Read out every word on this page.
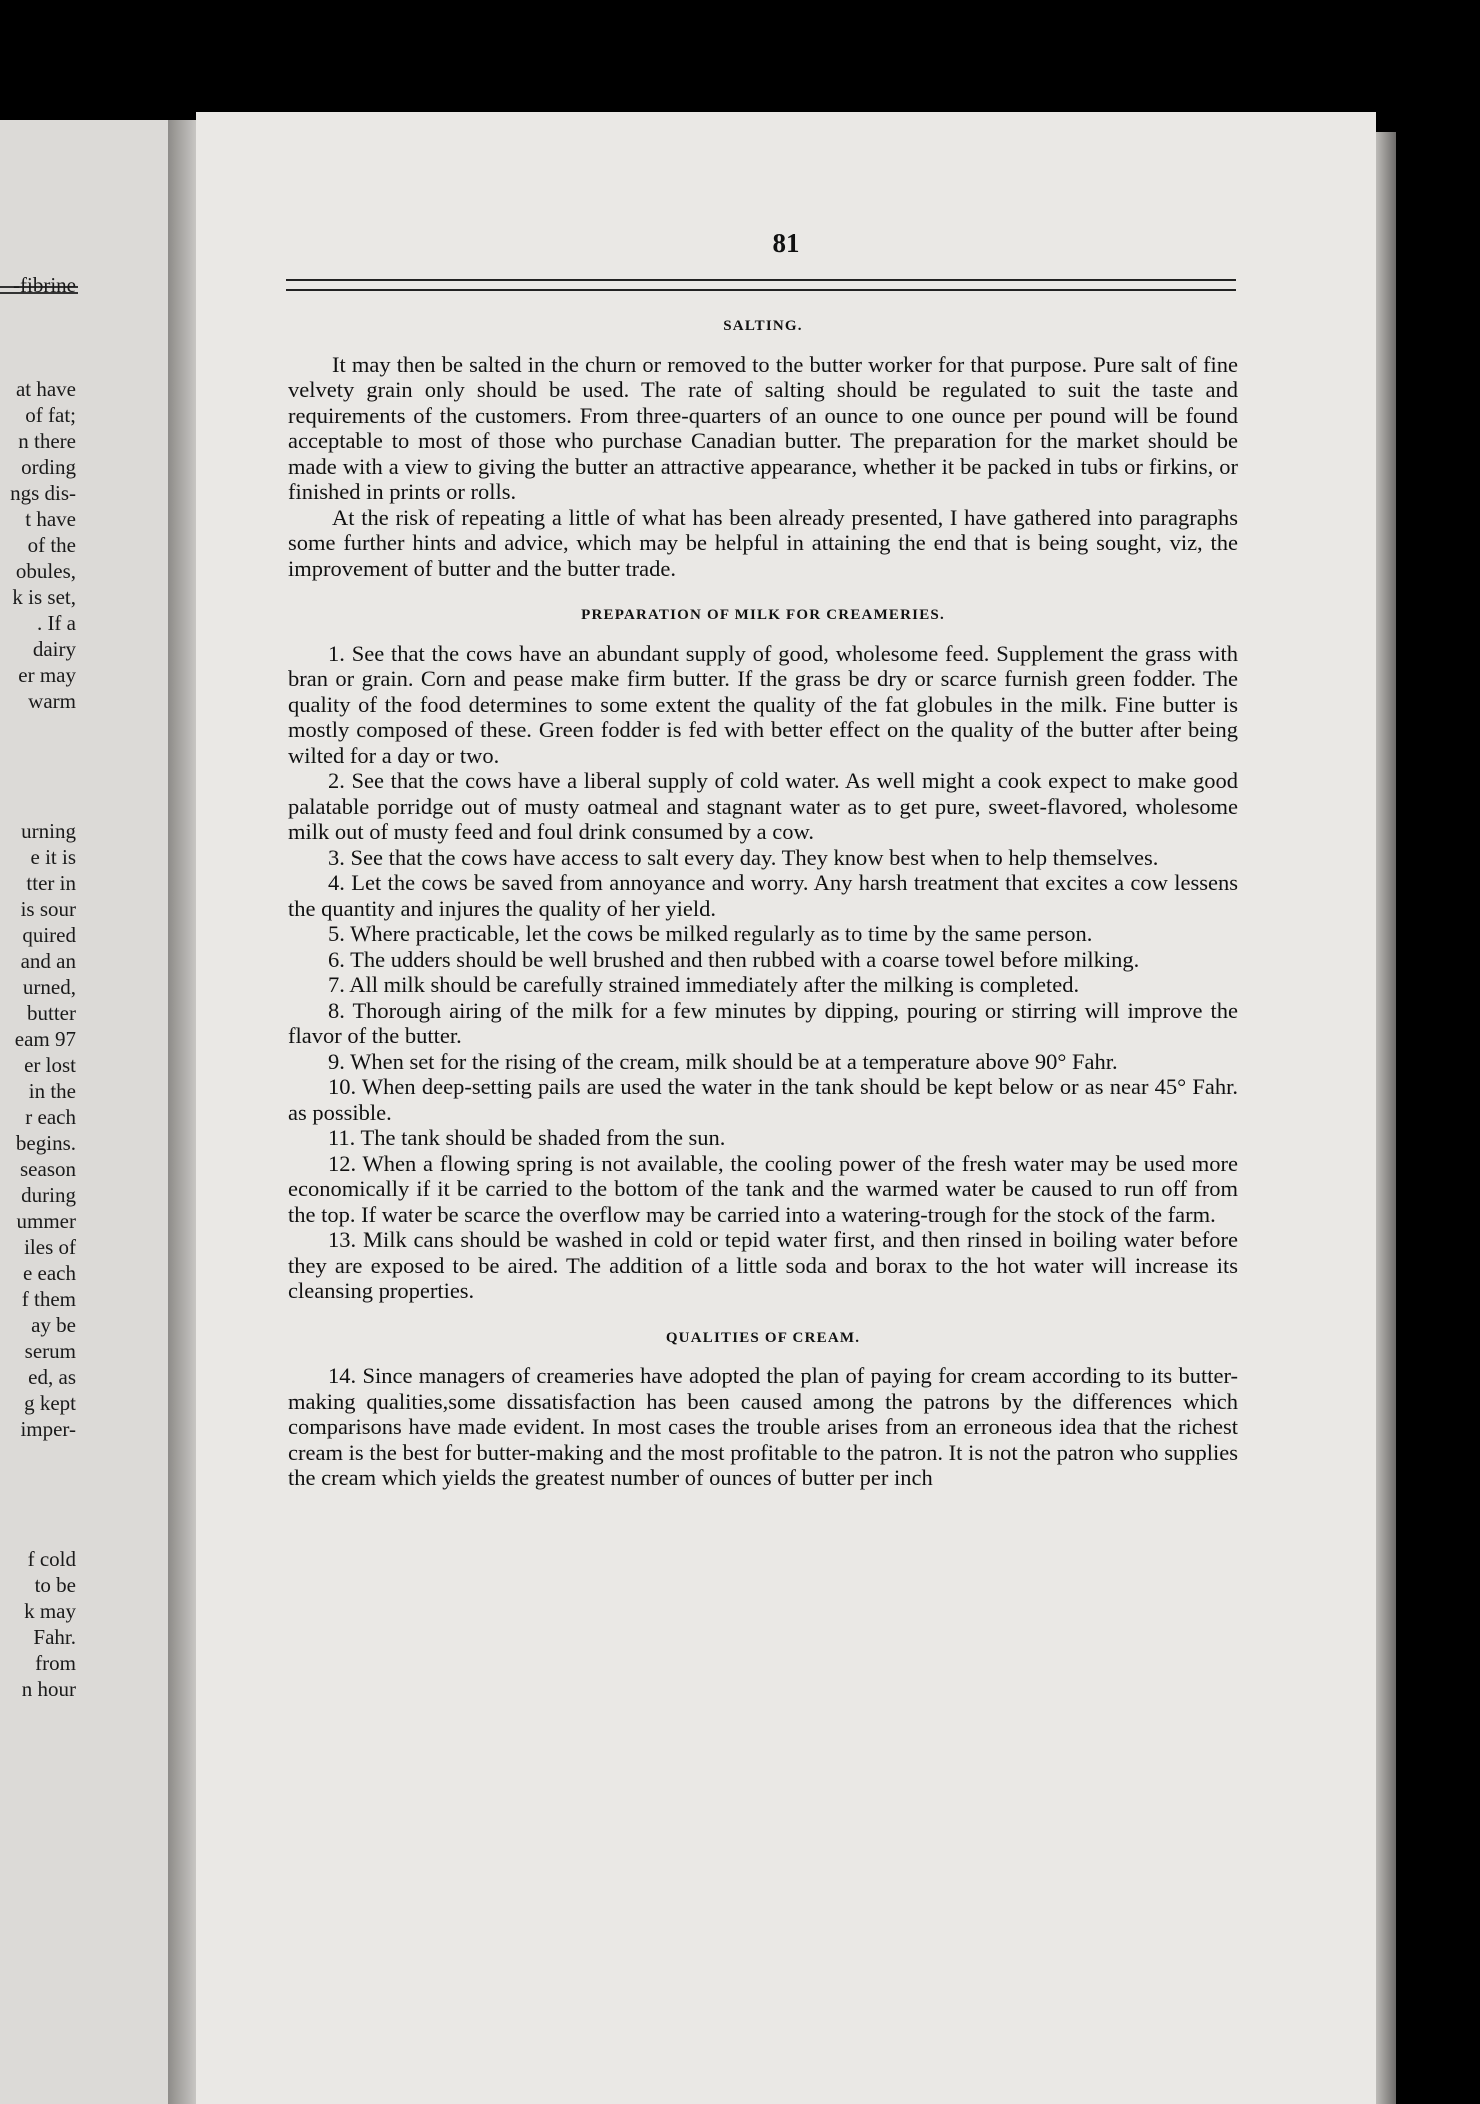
-fibrine

at have
of fat;
n there
ording
ngs dis-
t have
of the
obules,
k is set,
. If a
dairy
er may
warm

urning
e it is
tter in
is sour
quired
and an
urned,
butter
eam 97
er lost
in the
r each
begins.
season
during
ummer
iles of
e each
f them
ay be
serum
ed, as
g kept
imper-

f cold
to be
k may
Fahr.
from
n hour
81
SALTING.

It may then be salted in the churn or removed to the butter worker for that purpose. Pure salt of fine velvety grain only should be used. The rate of salting should be regulated to suit the taste and requirements of the customers. From three-quarters of an ounce to one ounce per pound will be found acceptable to most of those who purchase Canadian butter. The preparation for the market should be made with a view to giving the butter an attractive appearance, whether it be packed in tubs or firkins, or finished in prints or rolls.

At the risk of repeating a little of what has been already presented, I have gathered into paragraphs some further hints and advice, which may be helpful in attaining the end that is being sought, viz, the improvement of butter and the butter trade.

PREPARATION OF MILK FOR CREAMERIES.

1. See that the cows have an abundant supply of good, wholesome feed. Supplement the grass with bran or grain. Corn and pease make firm butter. If the grass be dry or scarce furnish green fodder. The quality of the food determines to some extent the quality of the fat globules in the milk. Fine butter is mostly composed of these. Green fodder is fed with better effect on the quality of the butter after being wilted for a day or two.

2. See that the cows have a liberal supply of cold water. As well might a cook expect to make good palatable porridge out of musty oatmeal and stagnant water as to get pure, sweet-flavored, wholesome milk out of musty feed and foul drink consumed by a cow.

3. See that the cows have access to salt every day. They know best when to help themselves.

4. Let the cows be saved from annoyance and worry. Any harsh treatment that excites a cow lessens the quantity and injures the quality of her yield.

5. Where practicable, let the cows be milked regularly as to time by the same person.

6. The udders should be well brushed and then rubbed with a coarse towel before milking.

7. All milk should be carefully strained immediately after the milking is completed.

8. Thorough airing of the milk for a few minutes by dipping, pouring or stirring will improve the flavor of the butter.

9. When set for the rising of the cream, milk should be at a temperature above 90° Fahr.

10. When deep-setting pails are used the water in the tank should be kept below or as near 45° Fahr. as possible.

11. The tank should be shaded from the sun.

12. When a flowing spring is not available, the cooling power of the fresh water may be used more economically if it be carried to the bottom of the tank and the warmed water be caused to run off from the top. If water be scarce the overflow may be carried into a watering-trough for the stock of the farm.

13. Milk cans should be washed in cold or tepid water first, and then rinsed in boiling water before they are exposed to be aired. The addition of a little soda and borax to the hot water will increase its cleansing properties.

QUALITIES OF CREAM.

14. Since managers of creameries have adopted the plan of paying for cream according to its butter-making qualities,some dissatisfaction has been caused among the patrons by the differences which comparisons have made evident. In most cases the trouble arises from an erroneous idea that the richest cream is the best for butter-making and the most profitable to the patron. It is not the patron who supplies the cream which yields the greatest number of ounces of butter per inch
